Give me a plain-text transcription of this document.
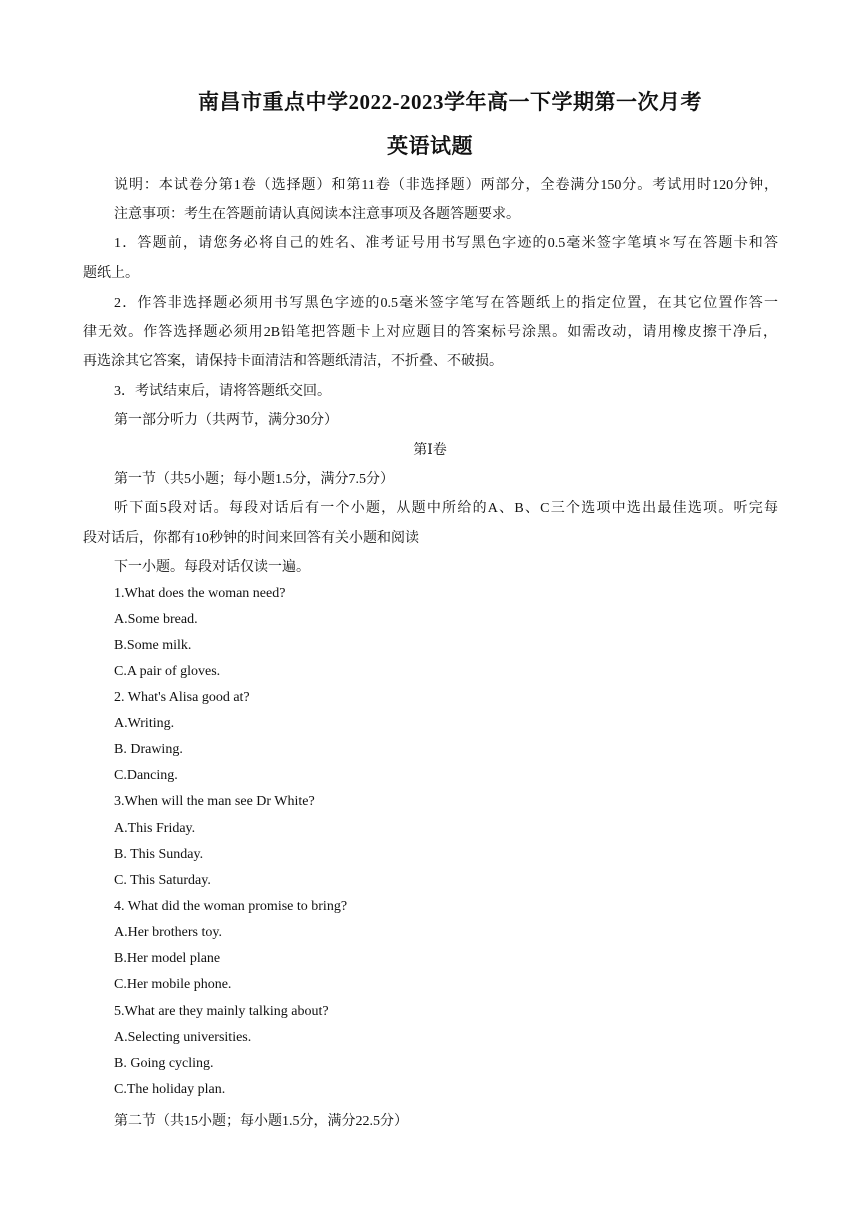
南昌市重点中学2022-2023学年高一下学期第一次月考
英语试题
说明：本试卷分第1卷（选择题）和第11卷（非选择题）两部分，全卷满分150分。考试用时120分钟，
注意事项：考生在答题前请认真阅读本注意事项及各题答题要求。
1．答题前，请您务必将自己的姓名、准考证号用书写黑色字迹的0.5毫米签字笔填＊写在答题卡和答
题纸上。
2．作答非选择题必须用书写黑色字迹的0.5毫米签字笔写在答题纸上的指定位置，在其它位置作答一
律无效。作答选择题必须用2B铅笔把答题卡上对应题目的答案标号涂黑。如需改动，请用橡皮擦干净后，
再选涂其它答案，请保持卡面清洁和答题纸清洁，不折叠、不破损。
3．考试结束后，请将答题纸交回。
第一部分听力（共两节，满分30分）
第Ⅰ卷
第一节（共5小题；每小题1.5分，满分7.5分）
听下面5段对话。每段对话后有一个小题，从题中所给的A、B、C三个选项中选出最佳选项。听完每
段对话后，你都有10秒钟的时间来回答有关小题和阅读
下一小题。每段对话仅读一遍。
1.What does the woman need?
A.Some bread.
B.Some milk.
C.A pair of gloves.
2. What's Alisa good at?
A.Writing.
B. Drawing.
C.Dancing.
3.When will the man see Dr White?
A.This Friday.
B. This Sunday.
C. This Saturday.
4. What did the woman promise to bring?
A.Her brothers toy.
B.Her model plane
C.Her mobile phone.
5.What are they mainly talking about?
A.Selecting universities.
B. Going cycling.
C.The holiday plan.
第二节（共15小题；每小题1.5分，满分22.5分）
